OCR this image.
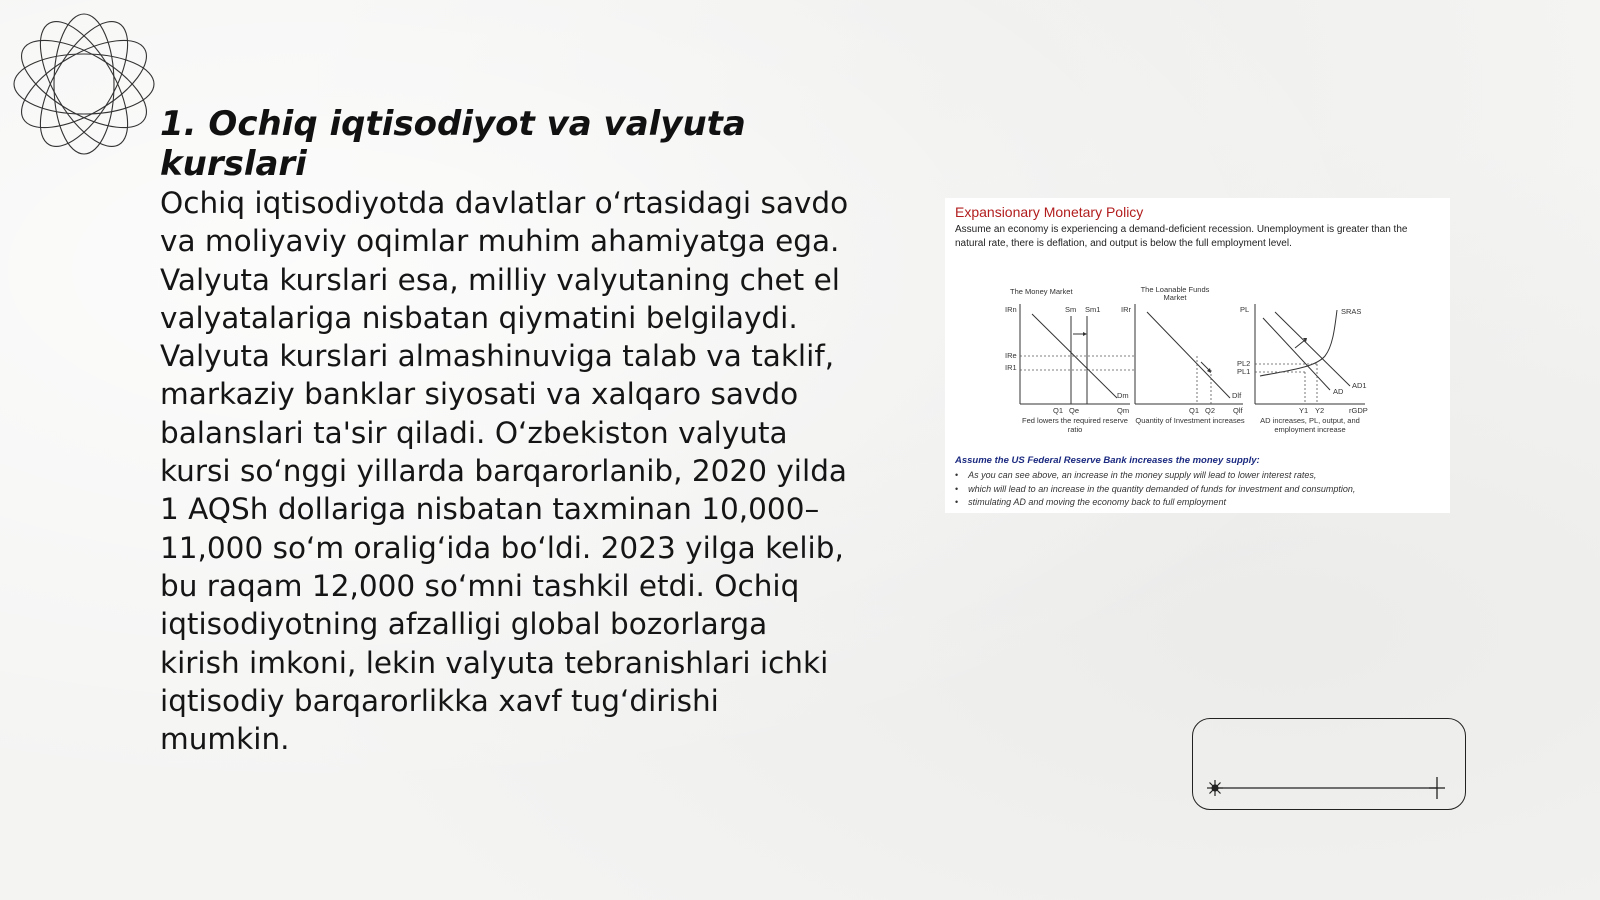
1. Ochiq iqtisodiyot va valyuta kurslari

Ochiq iqtisodiyotda davlatlar oʻrtasidagi savdo va moliyaviy oqimlar muhim ahamiyatga ega. Valyuta kurslari esa, milliy valyutaning chet el valyatalariga nisbatan qiymatini belgilaydi. Valyuta kurslari almashinuviga talab va taklif, markaziy banklar siyosati va xalqaro savdo balanslari ta'sir qiladi. Oʻzbekiston valyuta kursi soʻnggi yillarda barqarorlanib, 2020 yilda 1 AQSh dollariga nisbatan taxminan 10,000–11,000 soʻm oraligʻida boʻldi. 2023 yilga kelib, bu raqam 12,000 soʻmni tashkil etdi. Ochiq iqtisodiyotning afzalligi global bozorlarga kirish imkoni, lekin valyuta tebranishlari ichki iqtisodiy barqarorlikka xavf tugʻdirishi mumkin.

Expansionary Monetary Policy
Assume an economy is experiencing a demand-deficient recession. Unemployment is greater than the natural rate, there is deflation, and output is below the full employment level.
The Money Market
IRn
IRe
IR1
Sm Sm1
Dm
Q1 Qe	Qm
Fed lowers the required reserve ratio
The Loanable Funds Market
IRr
Dlf
Q1 Q2 Qlf
Quantity of Investment increases
PL
PL2
PL1
SRAS
AD
AD1
Y1 Y2	rGDP
AD increases, PL, output, and employment increase
Assume the US Federal Reserve Bank increases the money supply:
• As you can see above, an increase in the money supply will lead to lower interest rates,
• which will lead to an increase in the quantity demanded of funds for investment and consumption,
• stimulating AD and moving the economy back to full employment
